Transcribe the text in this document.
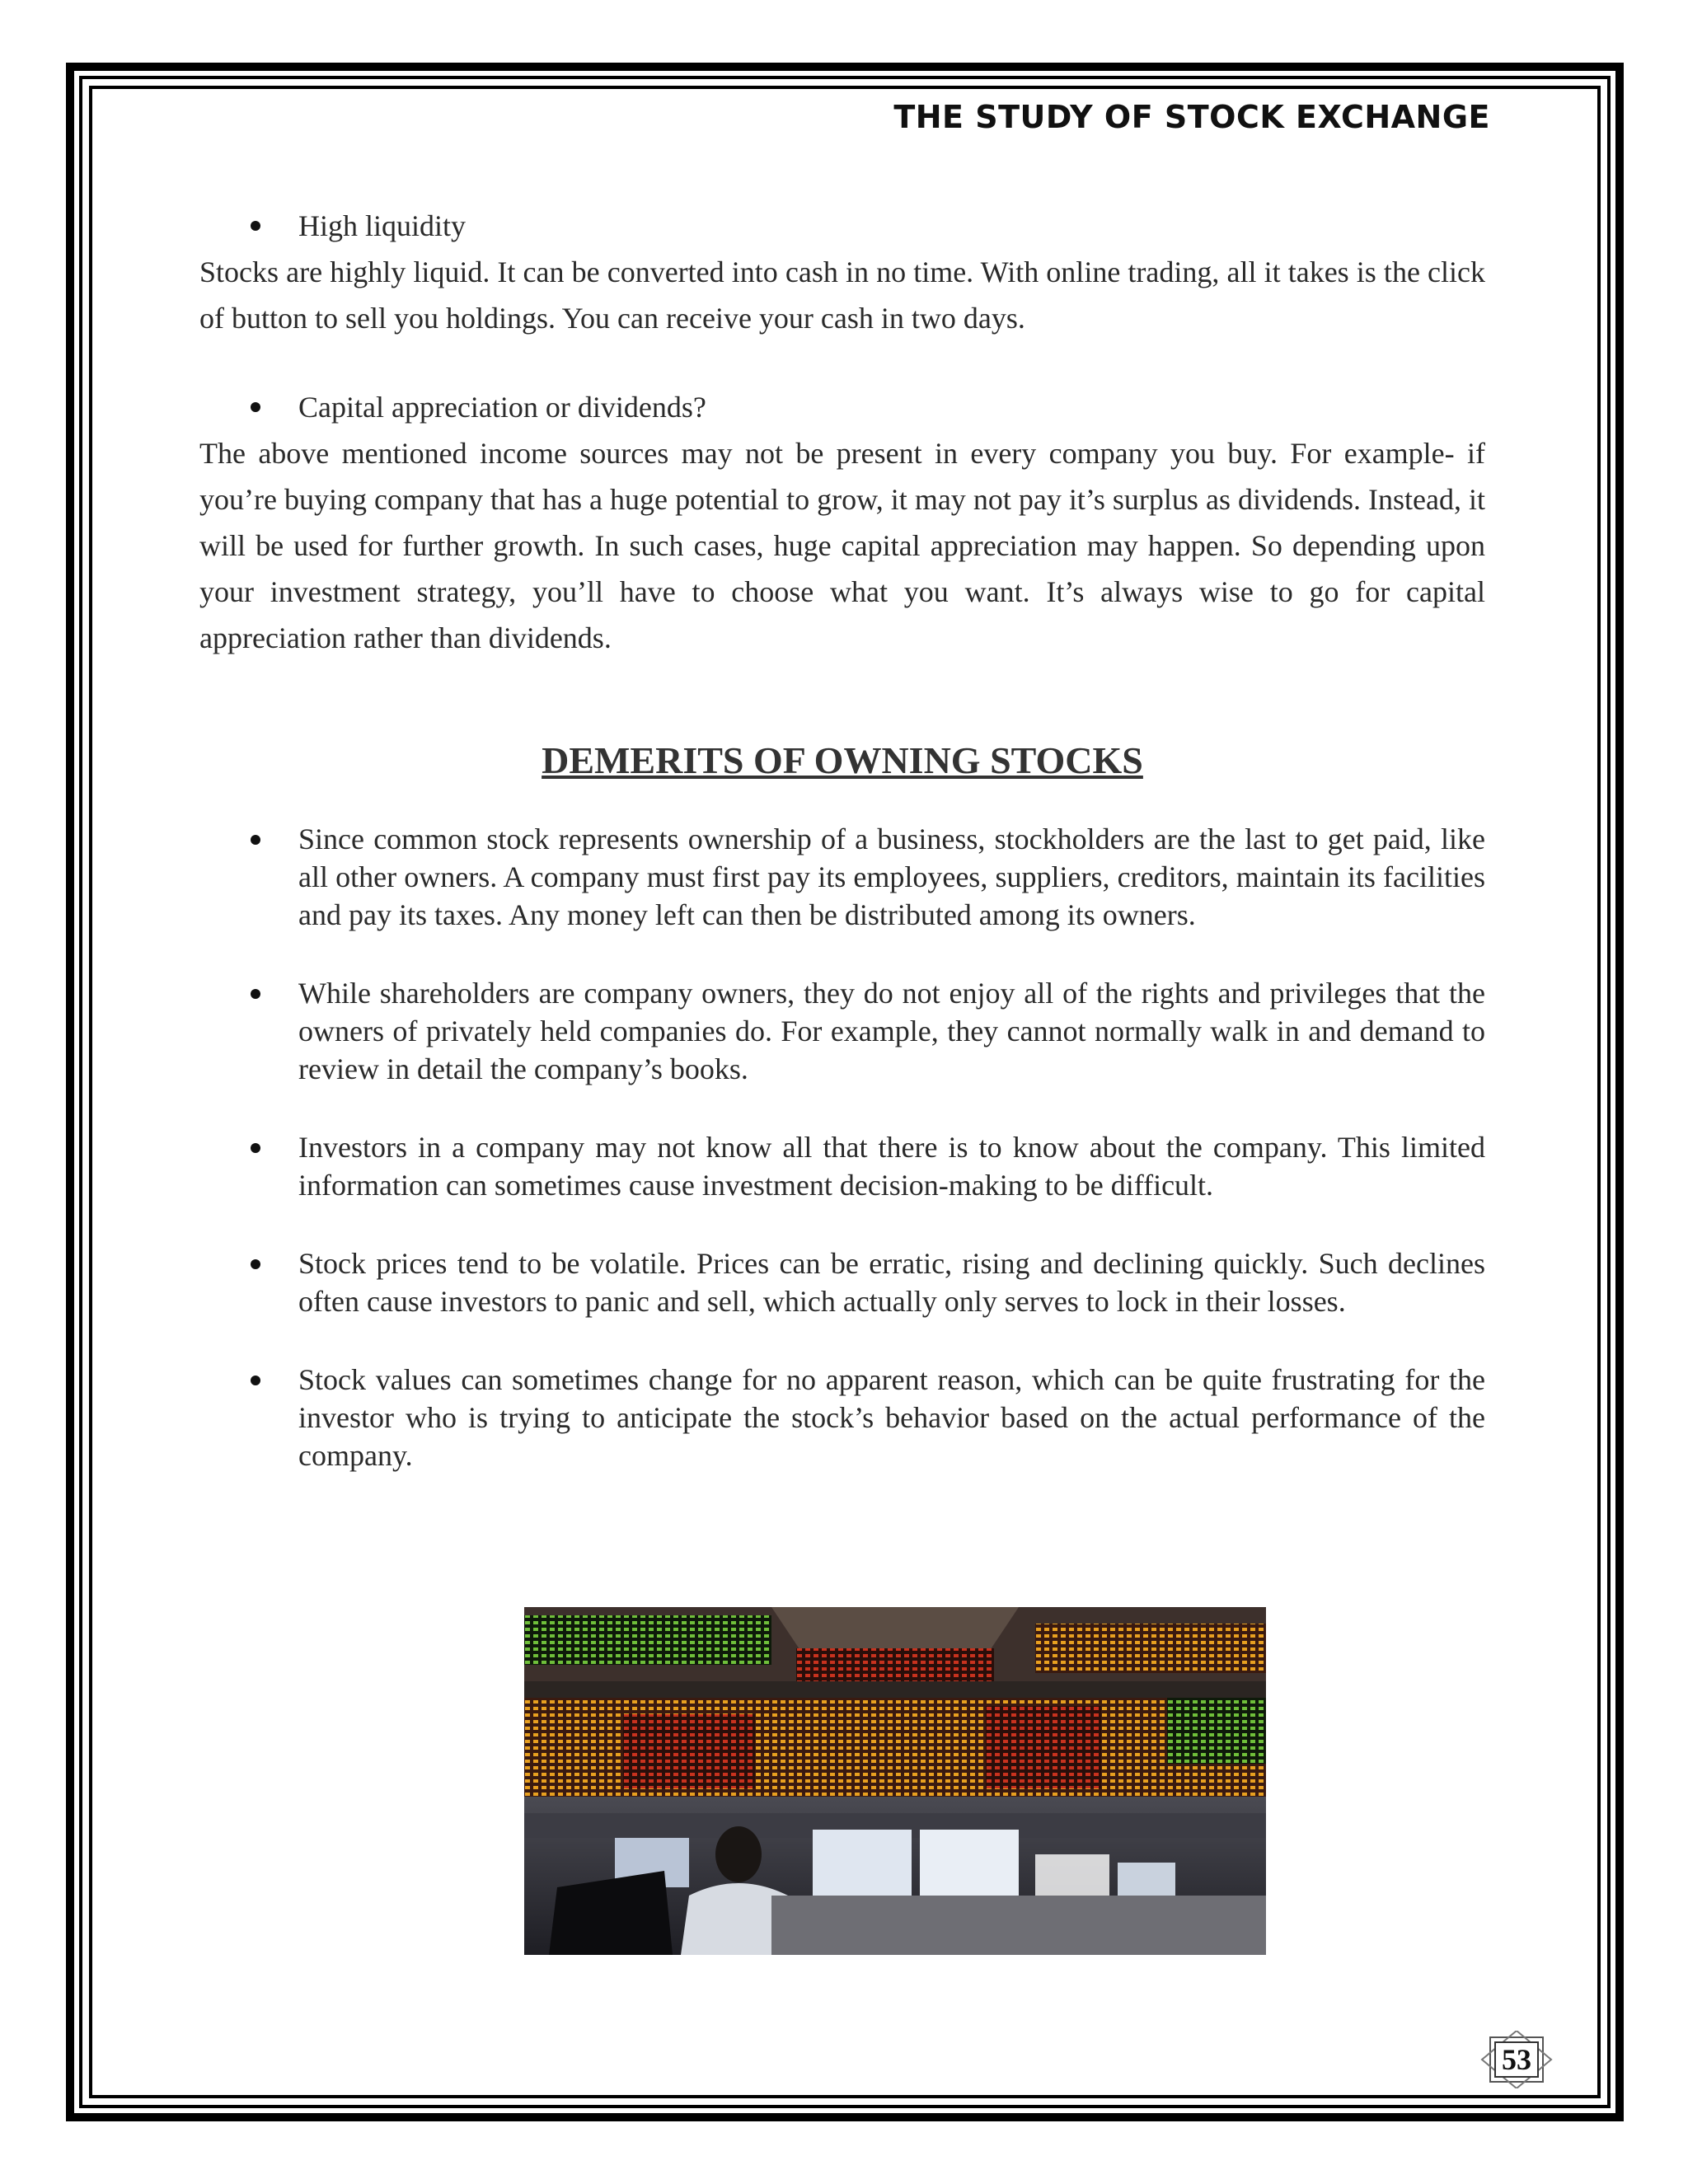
THE STUDY OF STOCK EXCHANGE

High liquidity

Stocks are highly liquid. It can be converted into cash in no time. With online trading, all it takes is the click of button to sell you holdings. You can receive your cash in two days.

Capital appreciation or dividends?

The above mentioned income sources may not be present in every company you buy. For example- if you’re buying company that has a huge potential to grow, it may not pay it’s surplus as dividends. Instead, it will be used for further growth. In such cases, huge capital appreciation may happen. So depending upon your investment strategy, you’ll have to choose what you want. It’s always wise to go for capital appreciation rather than dividends.

DEMERITS OF OWNING STOCKS

Since common stock represents ownership of a business, stockholders are the last to get paid, like all other owners. A company must first pay its employees, suppliers, creditors, maintain its facilities and pay its taxes. Any money left can then be distributed among its owners.

While shareholders are company owners, they do not enjoy all of the rights and privileges that the owners of privately held companies do. For example, they cannot normally walk in and demand to review in detail the company’s books.

Investors in a company may not know all that there is to know about the company. This limited information can sometimes cause investment decision-making to be difficult.

Stock prices tend to be volatile. Prices can be erratic, rising and declining quickly. Such declines often cause investors to panic and sell, which actually only serves to lock in their losses.

Stock values can sometimes change for no apparent reason, which can be quite frustrating for the investor who is trying to anticipate the stock’s behavior based on the actual performance of the company.

53
